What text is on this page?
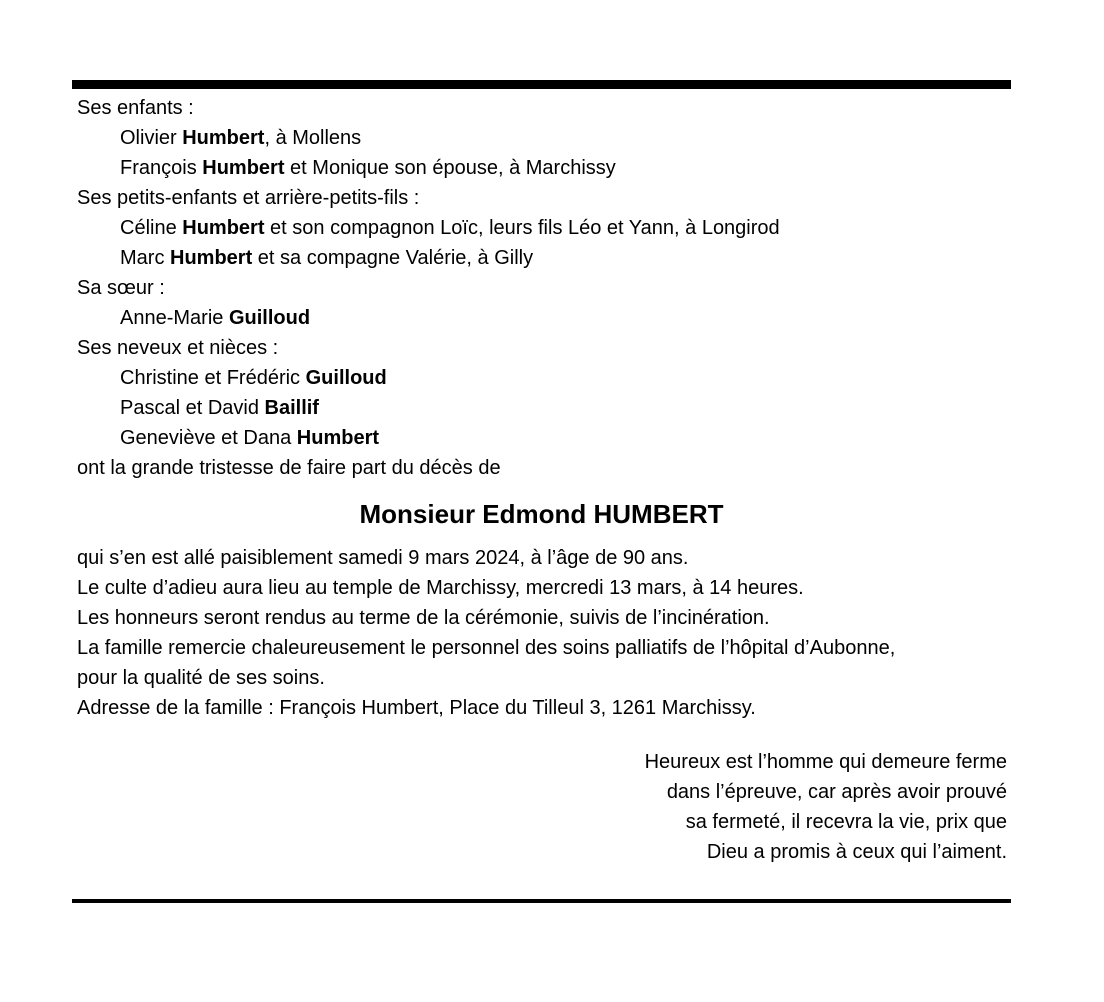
Ses enfants :
Olivier Humbert, à Mollens
François Humbert et Monique son épouse, à Marchissy
Ses petits-enfants et arrière-petits-fils :
Céline Humbert et son compagnon Loïc, leurs fils Léo et Yann, à Longirod
Marc Humbert et sa compagne Valérie, à Gilly
Sa sœur :
Anne-Marie Guilloud
Ses neveux et nièces :
Christine et Frédéric Guilloud
Pascal et David Baillif
Geneviève et Dana Humbert
ont la grande tristesse de faire part du décès de
Monsieur Edmond HUMBERT
qui s’en est allé paisiblement samedi 9 mars 2024, à l’âge de 90 ans.
Le culte d’adieu aura lieu au temple de Marchissy, mercredi 13 mars, à 14 heures.
Les honneurs seront rendus au terme de la cérémonie, suivis de l’incinération.
La famille remercie chaleureusement le personnel des soins palliatifs de l’hôpital d’Aubonne,
pour la qualité de ses soins.
Adresse de la famille : François Humbert, Place du Tilleul 3, 1261 Marchissy.
Heureux est l’homme qui demeure ferme
dans l’épreuve, car après avoir prouvé
sa fermeté, il recevra la vie, prix que
Dieu a promis à ceux qui l’aiment.
